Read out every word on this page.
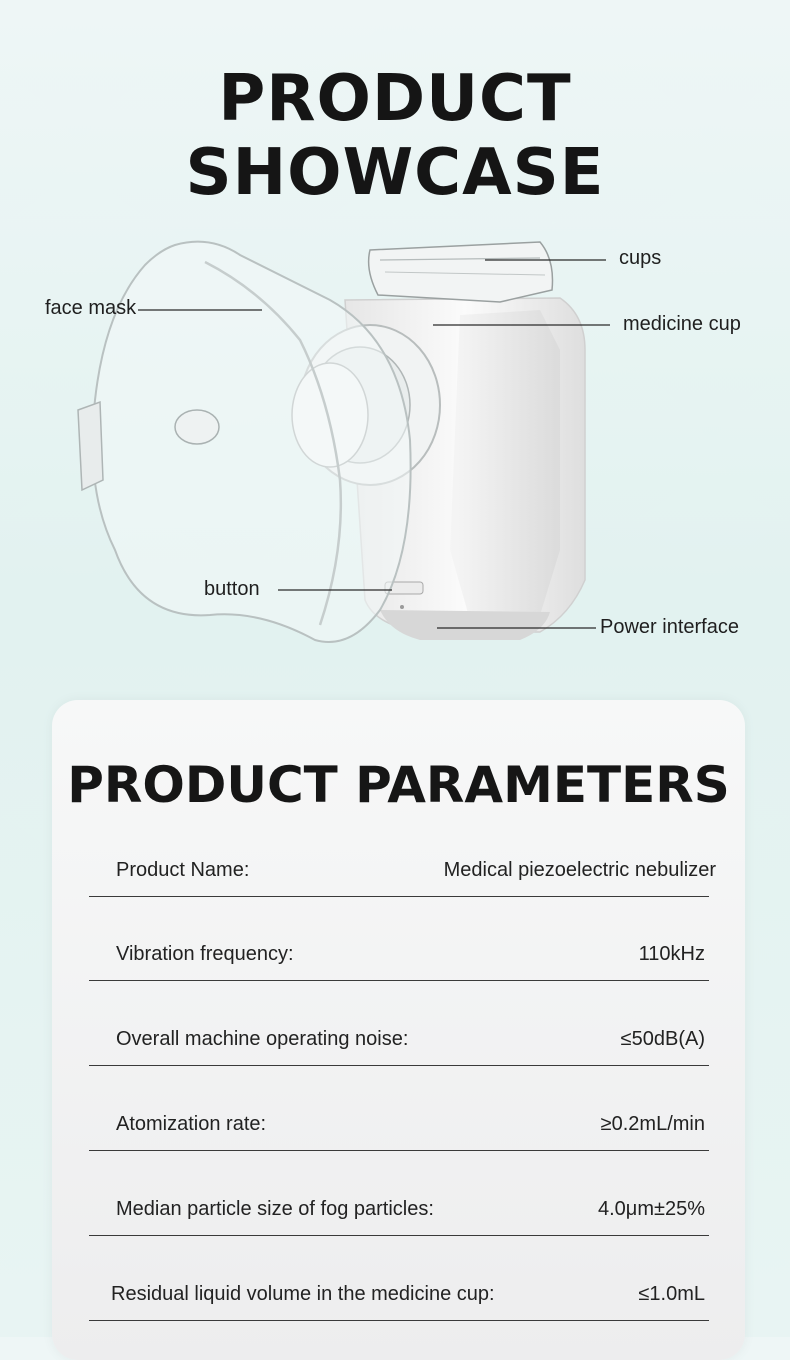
PRODUCT SHOWCASE
cups
medicine cup
face mask
button
Power interface
PRODUCT PARAMETERS
Product Name:	Medical piezoelectric nebulizer
Vibration frequency:	110kHz
Overall machine operating noise:	≤50dB(A)
Atomization rate:	≥0.2mL/min
Median particle size of fog particles:	4.0μm±25%
Residual liquid volume in the medicine cup:	≤1.0mL
